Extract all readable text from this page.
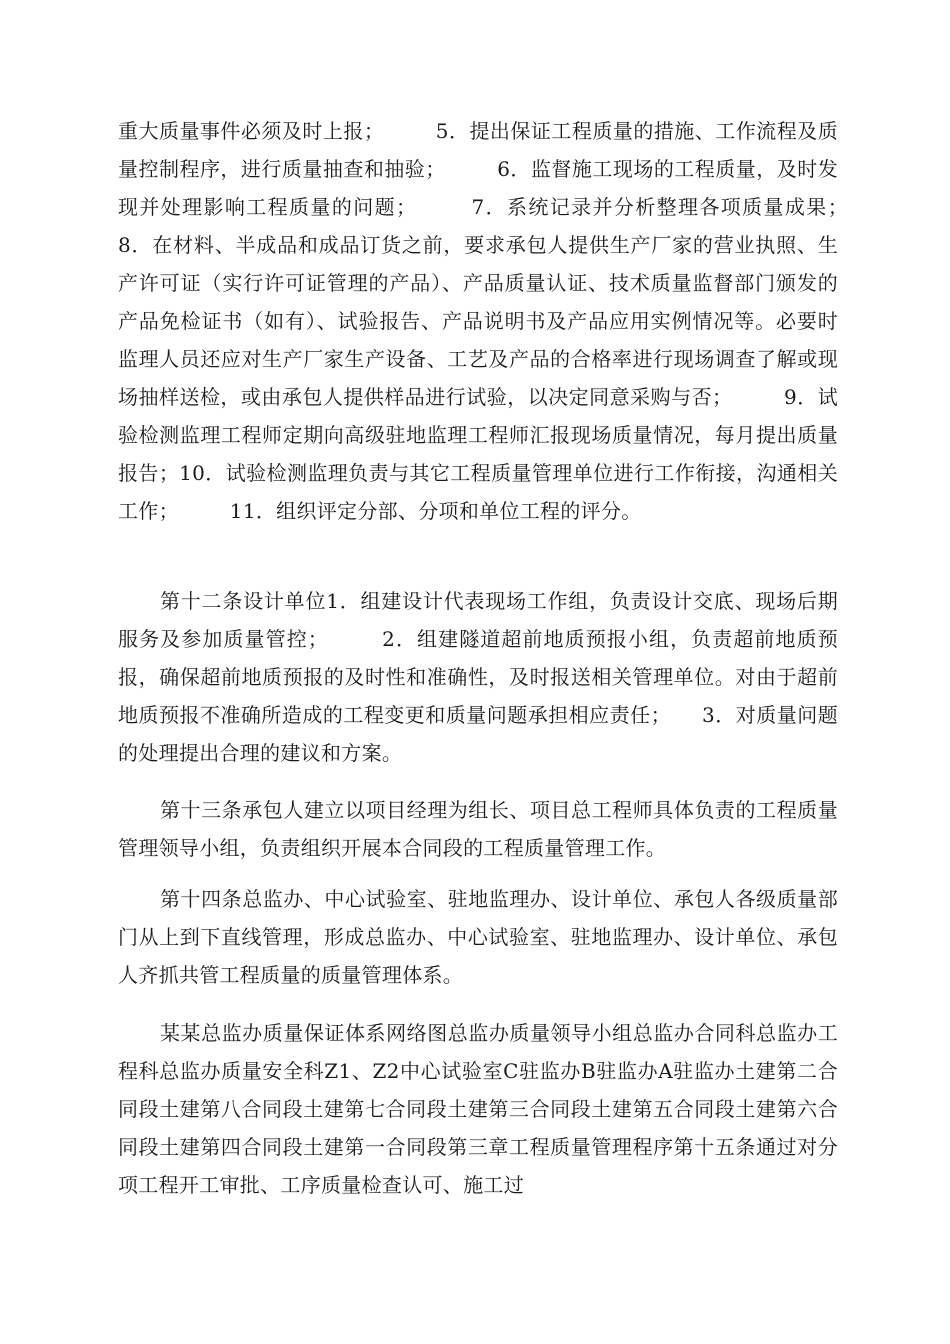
重大质量事件必须及时上报；　　　5．提出保证工程质量的措施、工作流程及质量控制程序，进行质量抽查和抽验；　　　6．监督施工现场的工程质量，及时发现并处理影响工程质量的问题；　　　7．系统记录并分析整理各项质量成果；　　　8．在材料、半成品和成品订货之前，要求承包人提供生产厂家的营业执照、生产许可证（实行许可证管理的产品）、产品质量认证、技术质量监督部门颁发的产品免检证书（如有）、试验报告、产品说明书及产品应用实例情况等。必要时监理人员还应对生产厂家生产设备、工艺及产品的合格率进行现场调查了解或现场抽样送检，或由承包人提供样品进行试验，以决定同意采购与否；　　　9．试验检测监理工程师定期向高级驻地监理工程师汇报现场质量情况，每月提出质量报告；10．试验检测监理负责与其它工程质量管理单位进行工作衔接，沟通相关工作；　　　11．组织评定分部、分项和单位工程的评分。

第十二条设计单位1．组建设计代表现场工作组，负责设计交底、现场后期服务及参加质量管控；　　　2．组建隧道超前地质预报小组，负责超前地质预报，确保超前地质预报的及时性和准确性，及时报送相关管理单位。对由于超前地质预报不准确所造成的工程变更和质量问题承担相应责任；　　3．对质量问题的处理提出合理的建议和方案。

第十三条承包人建立以项目经理为组长、项目总工程师具体负责的工程质量管理领导小组，负责组织开展本合同段的工程质量管理工作。

第十四条总监办、中心试验室、驻地监理办、设计单位、承包人各级质量部门从上到下直线管理，形成总监办、中心试验室、驻地监理办、设计单位、承包人齐抓共管工程质量的质量管理体系。

某某总监办质量保证体系网络图总监办质量领导小组总监办合同科总监办工程科总监办质量安全科Z1、Z2中心试验室C驻监办B驻监办A驻监办土建第二合同段土建第八合同段土建第七合同段土建第三合同段土建第五合同段土建第六合同段土建第四合同段土建第一合同段第三章工程质量管理程序第十五条通过对分项工程开工审批、工序质量检查认可、施工过
